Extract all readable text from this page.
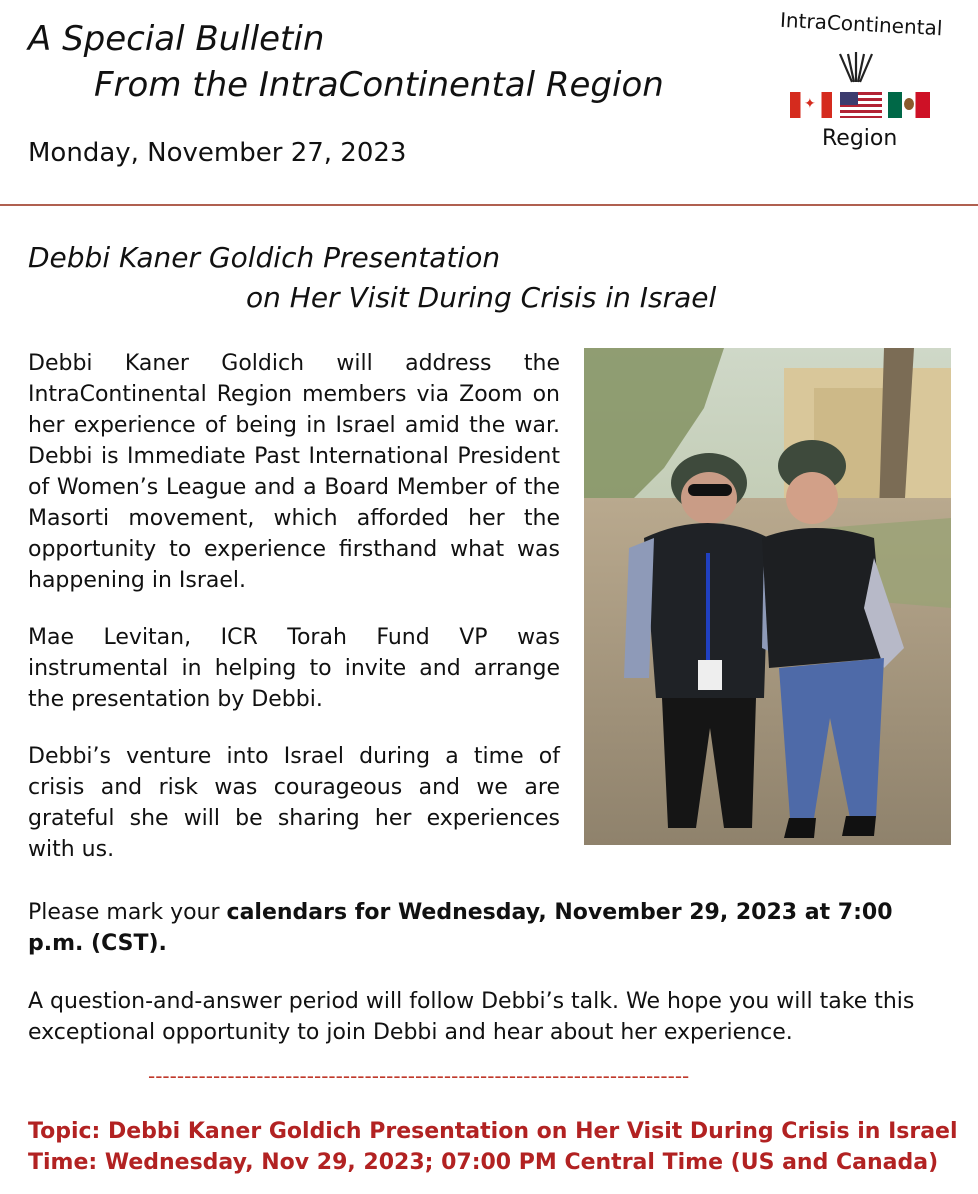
A Special Bulletin
From the IntraContinental Region
Monday, November 27, 2023
IntraContinental
✦
Region
Debbi Kaner Goldich Presentation
on Her Visit During Crisis in Israel

Debbi Kaner Goldich will address the IntraContinental Region members via Zoom on her experience of being in Israel amid the war. Debbi is Immediate Past International President of Women’s League and a Board Member of the Masorti movement, which afforded her the opportunity to experience firsthand what was happening in Israel.

Mae Levitan, ICR Torah Fund VP was instrumental in helping to invite and arrange the presentation by Debbi.

Debbi’s venture into Israel during a time of crisis and risk was courageous and we are grateful she will be sharing her experiences with us.

Please mark your calendars for Wednesday, November 29, 2023 at 7:00 p.m. (CST).

A question-and-answer period will follow Debbi’s talk. We hope you will take this exceptional opportunity to join Debbi and hear about her experience.

---------------------------------------------------------------------------
Topic: Debbi Kaner Goldich Presentation on Her Visit During Crisis in Israel
Time: Wednesday, Nov 29, 2023; 07:00 PM Central Time (US and Canada)
